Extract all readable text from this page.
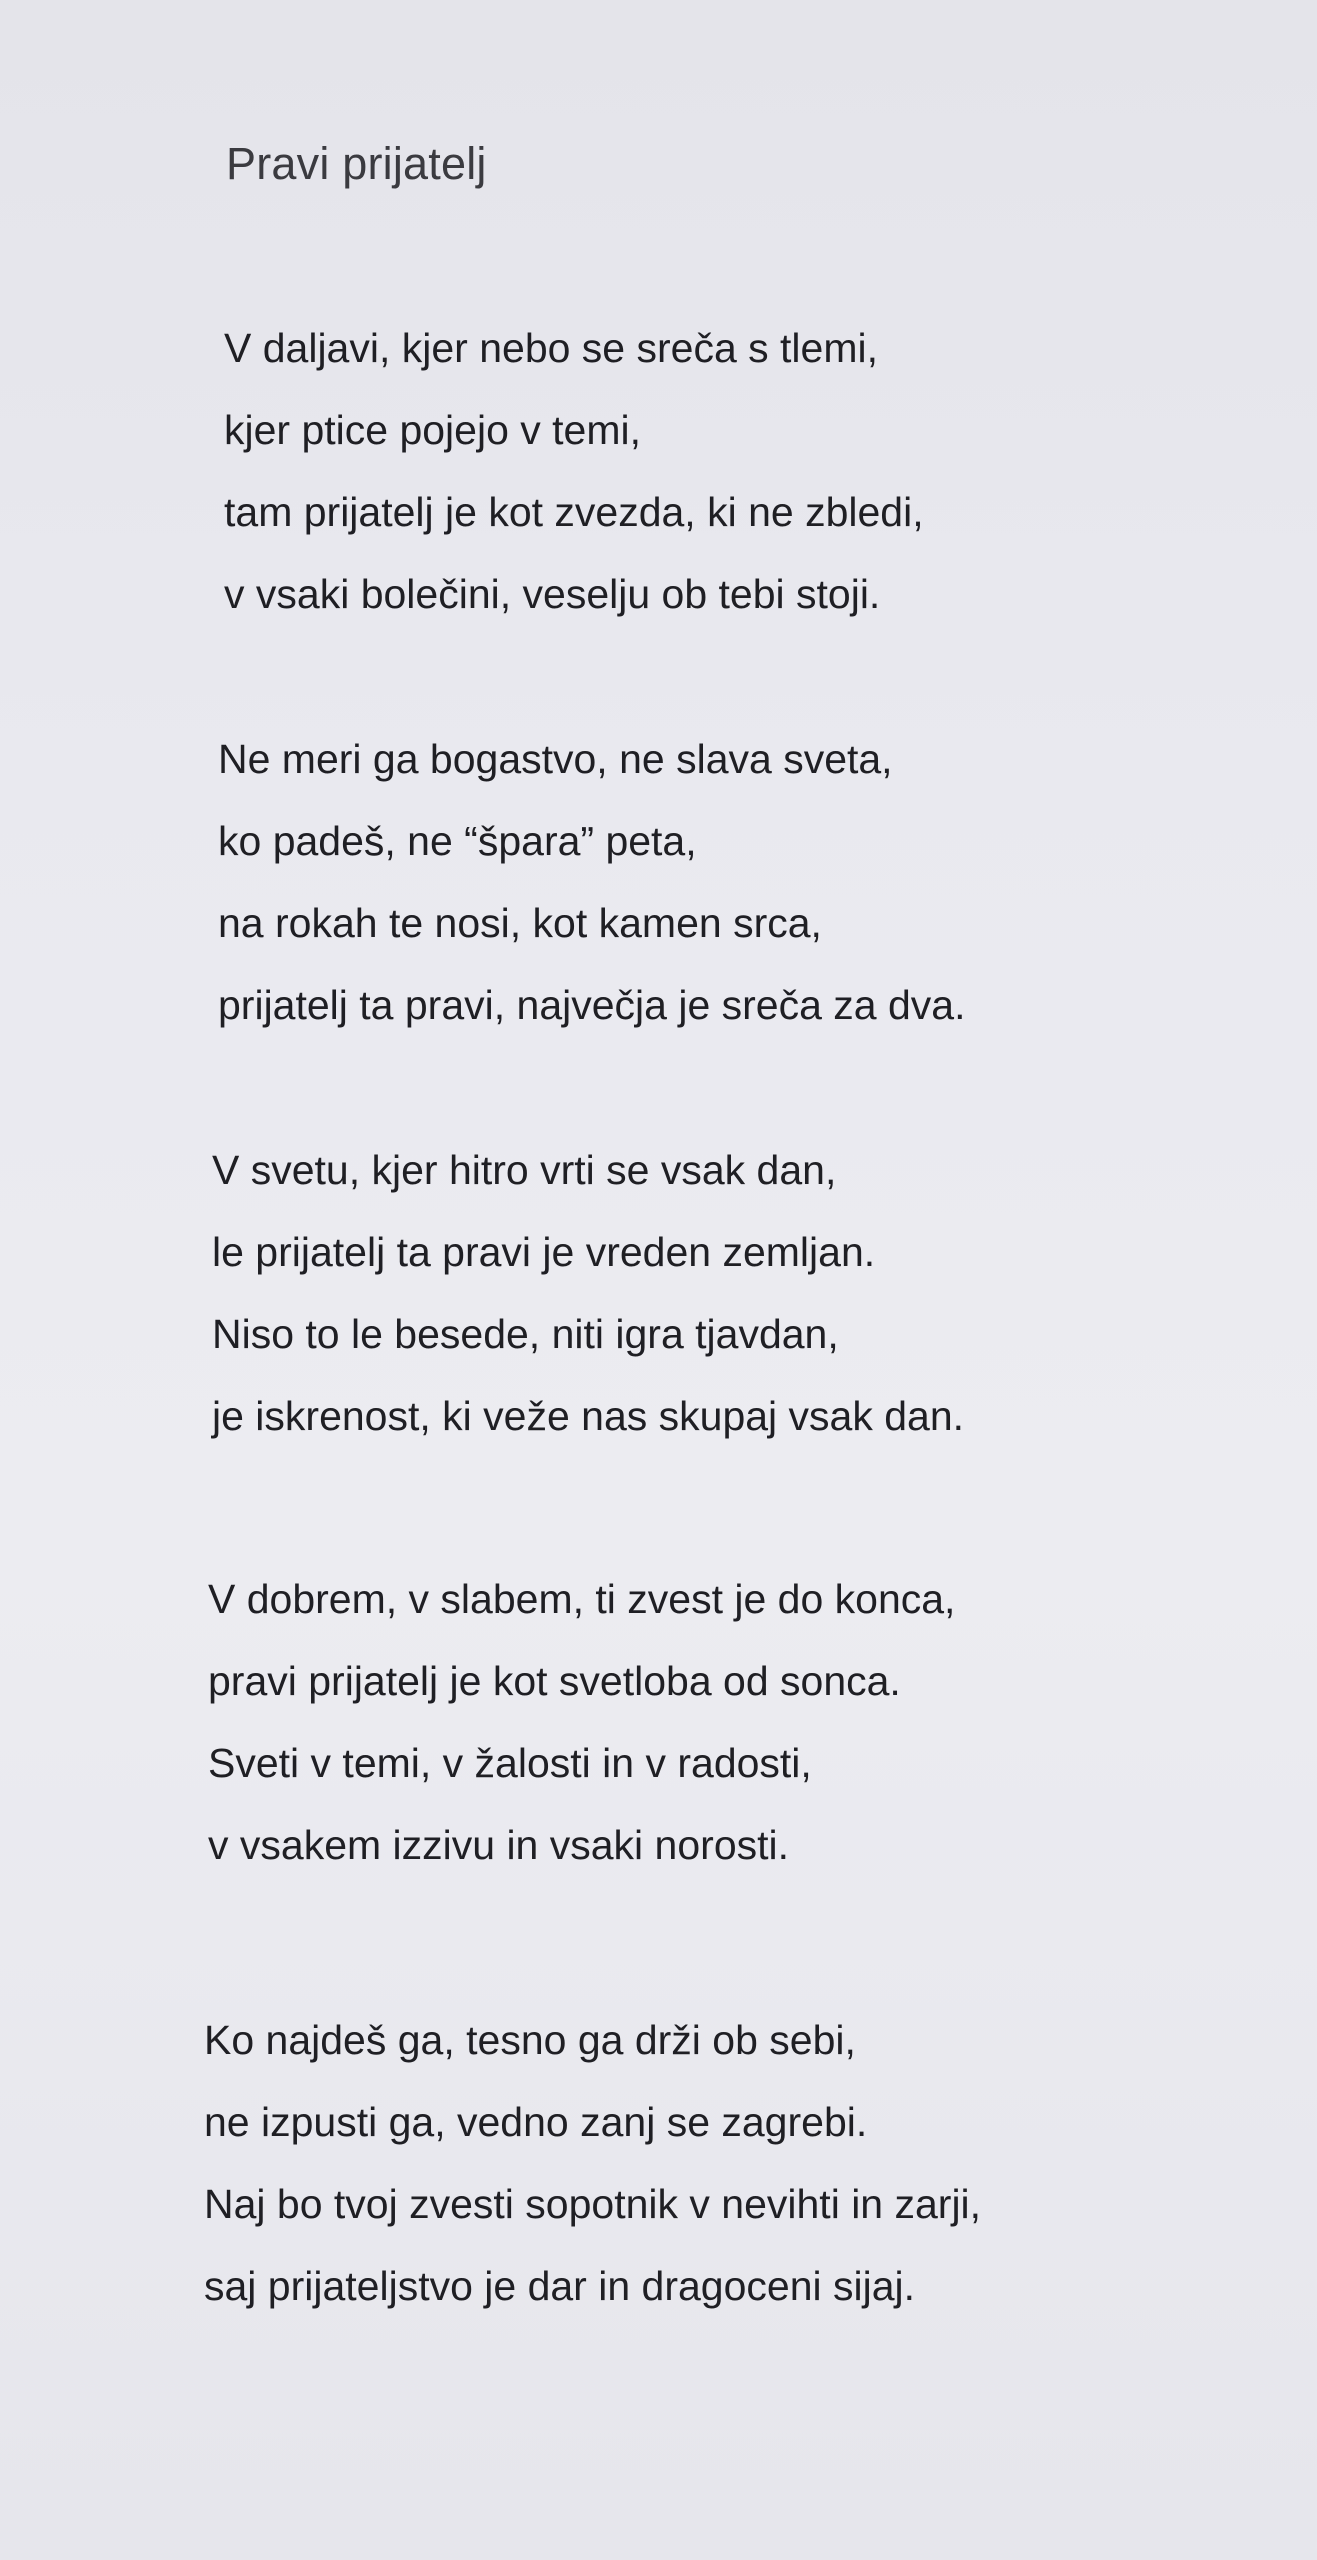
Pravi prijatelj
V daljavi, kjer nebo se sreča s tlemi,
kjer ptice pojejo v temi,
tam prijatelj je kot zvezda, ki ne zbledi,
v vsaki bolečini, veselju ob tebi stoji.
Ne meri ga bogastvo, ne slava sveta,
ko padeš, ne “špara” peta,
na rokah te nosi, kot kamen srca,
prijatelj ta pravi, največja je sreča za dva.
V svetu, kjer hitro vrti se vsak dan,
le prijatelj ta pravi je vreden zemljan.
Niso to le besede, niti igra tjavdan,
je iskrenost, ki veže nas skupaj vsak dan.
V dobrem, v slabem, ti zvest je do konca,
pravi prijatelj je kot svetloba od sonca.
Sveti v temi, v žalosti in v radosti,
v vsakem izzivu in vsaki norosti.
Ko najdeš ga, tesno ga drži ob sebi,
ne izpusti ga, vedno zanj se zagrebi.
Naj bo tvoj zvesti sopotnik v nevihti in zarji,
saj prijateljstvo je dar in dragoceni sijaj.
